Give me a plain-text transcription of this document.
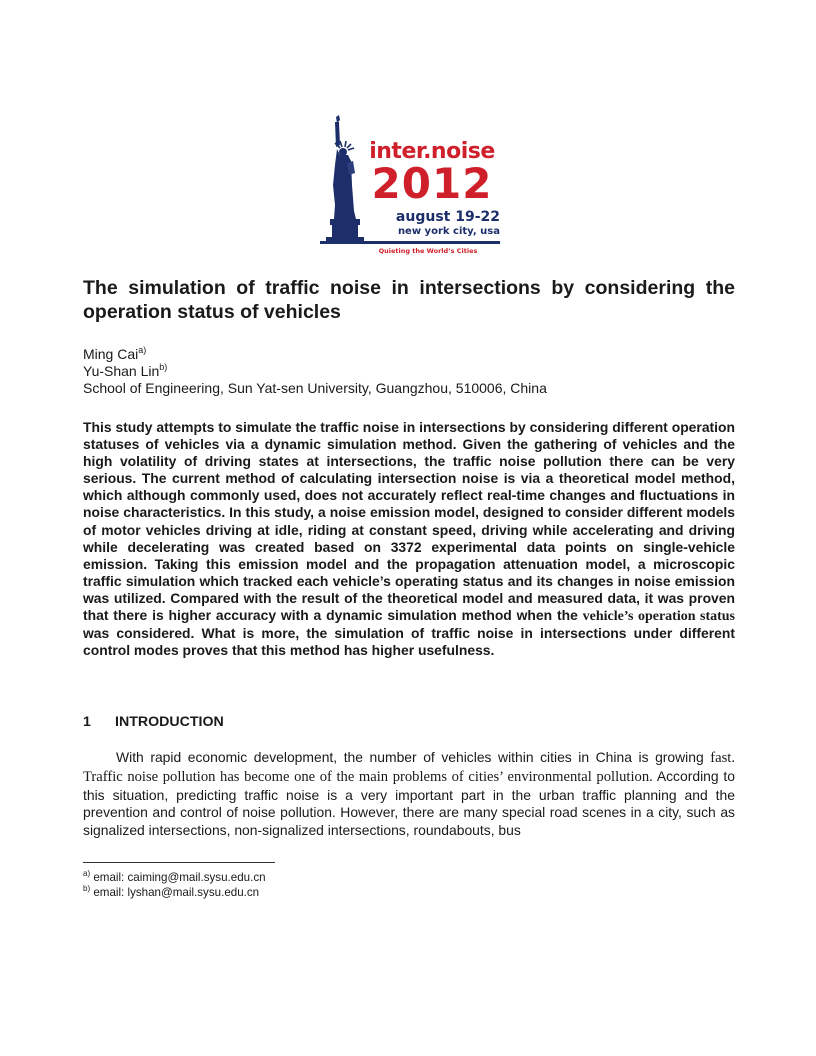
inter.noise
2012
august 19-22
new york city, usa
Quieting the World’s Cities
The simulation of traffic noise in intersections by considering the operation status of vehicles
Ming Cai$^{a)}$
Yu-Shan Lin$^{b)}$
School of Engineering, Sun Yat-sen University, Guangzhou, 510006, China

This study attempts to simulate the traffic noise in intersections by considering different operation statuses of vehicles via a dynamic simulation method. Given the gathering of vehicles and the high volatility of driving states at intersections, the traffic noise pollution there can be very serious. The current method of calculating intersection noise is via a theoretical model method, which although commonly used, does not accurately reflect real-time changes and fluctuations in noise characteristics. In this study, a noise emission model, designed to consider different models of motor vehicles driving at idle, riding at constant speed, driving while accelerating and driving while decelerating was created based on 3372 experimental data points on single-vehicle emission. Taking this emission model and the propagation attenuation model, a microscopic traffic simulation which tracked each vehicle’s operating status and its changes in noise emission was utilized. Compared with the result of the theoretical model and measured data, it was proven that there is higher accuracy with a dynamic simulation method when the vehicle’s operation status was considered. What is more, the simulation of traffic noise in intersections under different control modes proves that this method has higher usefulness.

1 INTRODUCTION

With rapid economic development, the number of vehicles within cities in China is growing fast. Traffic noise pollution has become one of the main problems of cities’ environmental pollution. According to this situation, predicting traffic noise is a very important part in the urban traffic planning and the prevention and control of noise pollution. However, there are many special road scenes in a city, such as signalized intersections, non-signalized intersections, roundabouts, bus

$^{a)}$ email: caiming@mail.sysu.edu.cn
$^{b)}$ email: lyshan@mail.sysu.edu.cn
